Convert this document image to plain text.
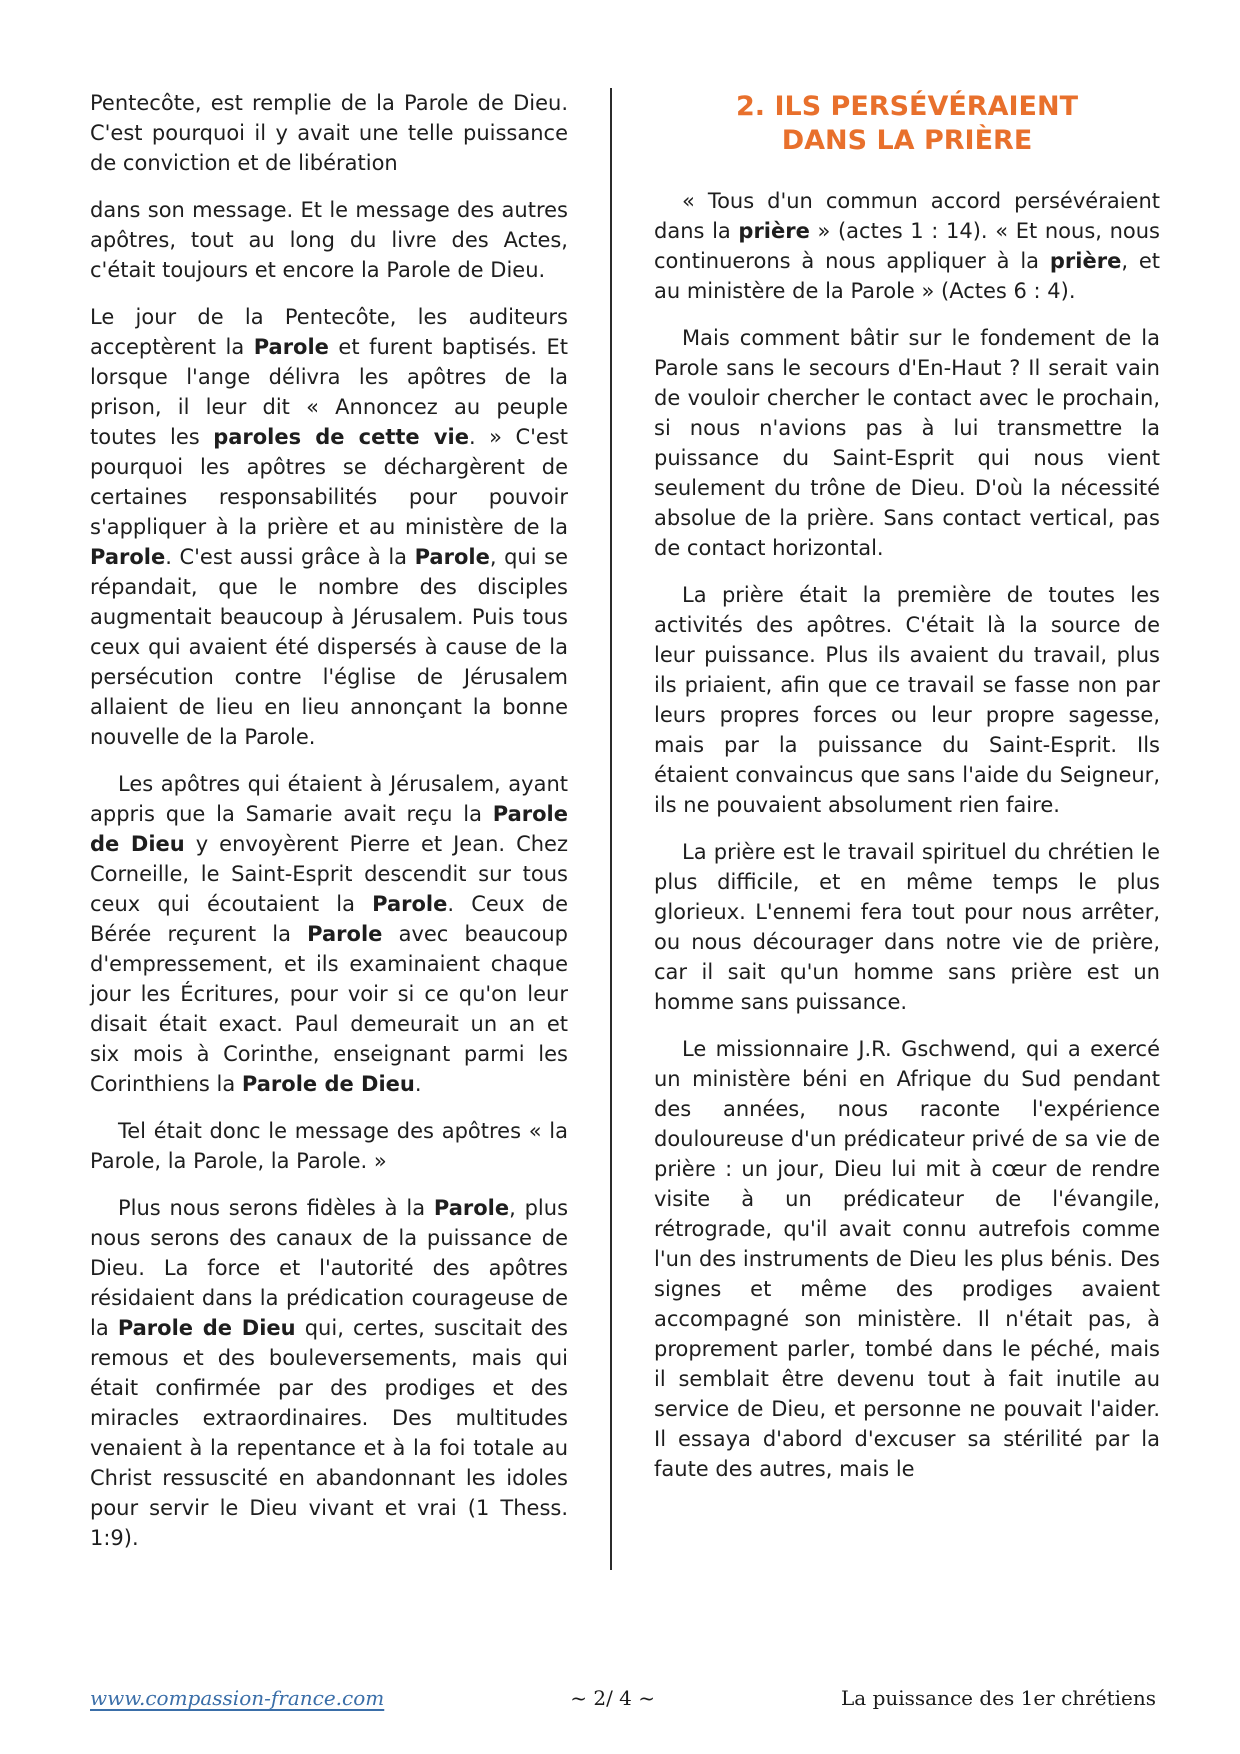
Pentecôte, est remplie de la Parole de Dieu. C'est pourquoi il y avait une telle puissance de conviction et de libération

dans son message. Et le message des autres apôtres, tout au long du livre des Actes, c'était toujours et encore la Parole de Dieu.

Le jour de la Pentecôte, les auditeurs acceptèrent la Parole et furent baptisés. Et lorsque l'ange délivra les apôtres de la prison, il leur dit « Annoncez au peuple toutes les paroles de cette vie. » C'est pourquoi les apôtres se déchargèrent de certaines responsabilités pour pouvoir s'appliquer à la prière et au ministère de la Parole. C'est aussi grâce à la Parole, qui se répandait, que le nombre des disciples augmentait beaucoup à Jérusalem. Puis tous ceux qui avaient été dispersés à cause de la persécution contre l'église de Jérusalem allaient de lieu en lieu annonçant la bonne nouvelle de la Parole.

Les apôtres qui étaient à Jérusalem, ayant appris que la Samarie avait reçu la Parole de Dieu y envoyèrent Pierre et Jean. Chez Corneille, le Saint-Esprit descendit sur tous ceux qui écoutaient la Parole. Ceux de Bérée reçurent la Parole avec beaucoup d'empressement, et ils examinaient chaque jour les Écritures, pour voir si ce qu'on leur disait était exact. Paul demeurait un an et six mois à Corinthe, enseignant parmi les Corinthiens la Parole de Dieu.

Tel était donc le message des apôtres « la Parole, la Parole, la Parole. »

Plus nous serons fidèles à la Parole, plus nous serons des canaux de la puissance de Dieu. La force et l'autorité des apôtres résidaient dans la prédication courageuse de la Parole de Dieu qui, certes, suscitait des remous et des bouleversements, mais qui était confirmée par des prodiges et des miracles extraordinaires. Des multitudes venaient à la repentance et à la foi totale au Christ ressuscité en abandonnant les idoles pour servir le Dieu vivant et vrai (1 Thess. 1:9).

2. ILS PERSÉVÉRAIENT
DANS LA PRIÈRE

« Tous d'un commun accord persévéraient dans la prière » (actes 1 : 14). « Et nous, nous continuerons à nous appliquer à la prière, et au ministère de la Parole » (Actes 6 : 4).

Mais comment bâtir sur le fondement de la Parole sans le secours d'En-Haut ? Il serait vain de vouloir chercher le contact avec le prochain, si nous n'avions pas à lui transmettre la puissance du Saint-Esprit qui nous vient seulement du trône de Dieu. D'où la nécessité absolue de la prière. Sans contact vertical, pas de contact horizontal.

La prière était la première de toutes les activités des apôtres. C'était là la source de leur puissance. Plus ils avaient du travail, plus ils priaient, afin que ce travail se fasse non par leurs propres forces ou leur propre sagesse, mais par la puissance du Saint-Esprit. Ils étaient convaincus que sans l'aide du Seigneur, ils ne pouvaient absolument rien faire.

La prière est le travail spirituel du chrétien le plus difficile, et en même temps le plus glorieux. L'ennemi fera tout pour nous arrêter, ou nous décourager dans notre vie de prière, car il sait qu'un homme sans prière est un homme sans puissance.

Le missionnaire J.R. Gschwend, qui a exercé un ministère béni en Afrique du Sud pendant des années, nous raconte l'expérience douloureuse d'un prédicateur privé de sa vie de prière : un jour, Dieu lui mit à cœur de rendre visite à un prédicateur de l'évangile, rétrograde, qu'il avait connu autrefois comme l'un des instruments de Dieu les plus bénis. Des signes et même des prodiges avaient accompagné son ministère. Il n'était pas, à proprement parler, tombé dans le péché, mais il semblait être devenu tout à fait inutile au service de Dieu, et personne ne pouvait l'aider. Il essaya d'abord d'excuser sa stérilité par la faute des autres, mais le

www.compassion-france.com	~ 2/ 4 ~	La puissance des 1er chrétiens
